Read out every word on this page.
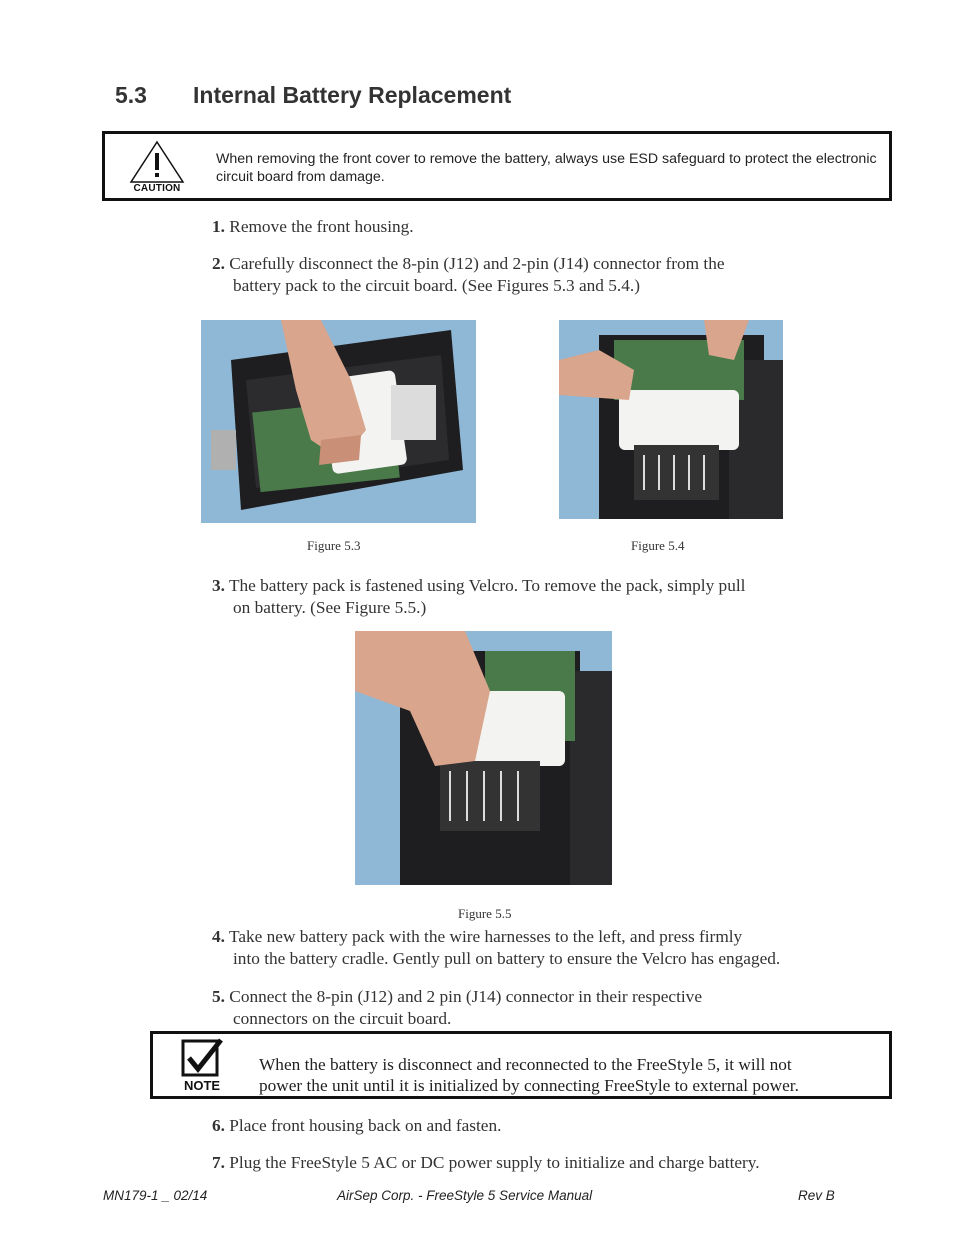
5.3 Internal Battery Replacement
CAUTION
When removing the front cover to remove the battery, always use ESD safeguard to protect the electronic circuit board from damage.
1. Remove the front housing.
2. Carefully disconnect the 8-pin (J12) and 2-pin (J14) connector from the
battery pack to the circuit board. (See Figures 5.3 and 5.4.)
Figure 5.3	Figure 5.4
3. The battery pack is fastened using Velcro. To remove the pack, simply pull
on battery. (See Figure 5.5.)
Figure 5.5
4. Take new battery pack with the wire harnesses to the left, and press firmly
into the battery cradle. Gently pull on battery to ensure the Velcro has engaged.
5. Connect the 8-pin (J12) and 2 pin (J14) connector in their respective
connectors on the circuit board.
NOTE
When the battery is disconnect and reconnected to the FreeStyle 5, it will not
power the unit until it is initialized by connecting FreeStyle to external power.
6. Place front housing back on and fasten.
7. Plug the FreeStyle 5 AC or DC power supply to initialize and charge battery.
MN179-1 _ 02/14	AirSep Corp. - FreeStyle 5 Service Manual	Rev B
